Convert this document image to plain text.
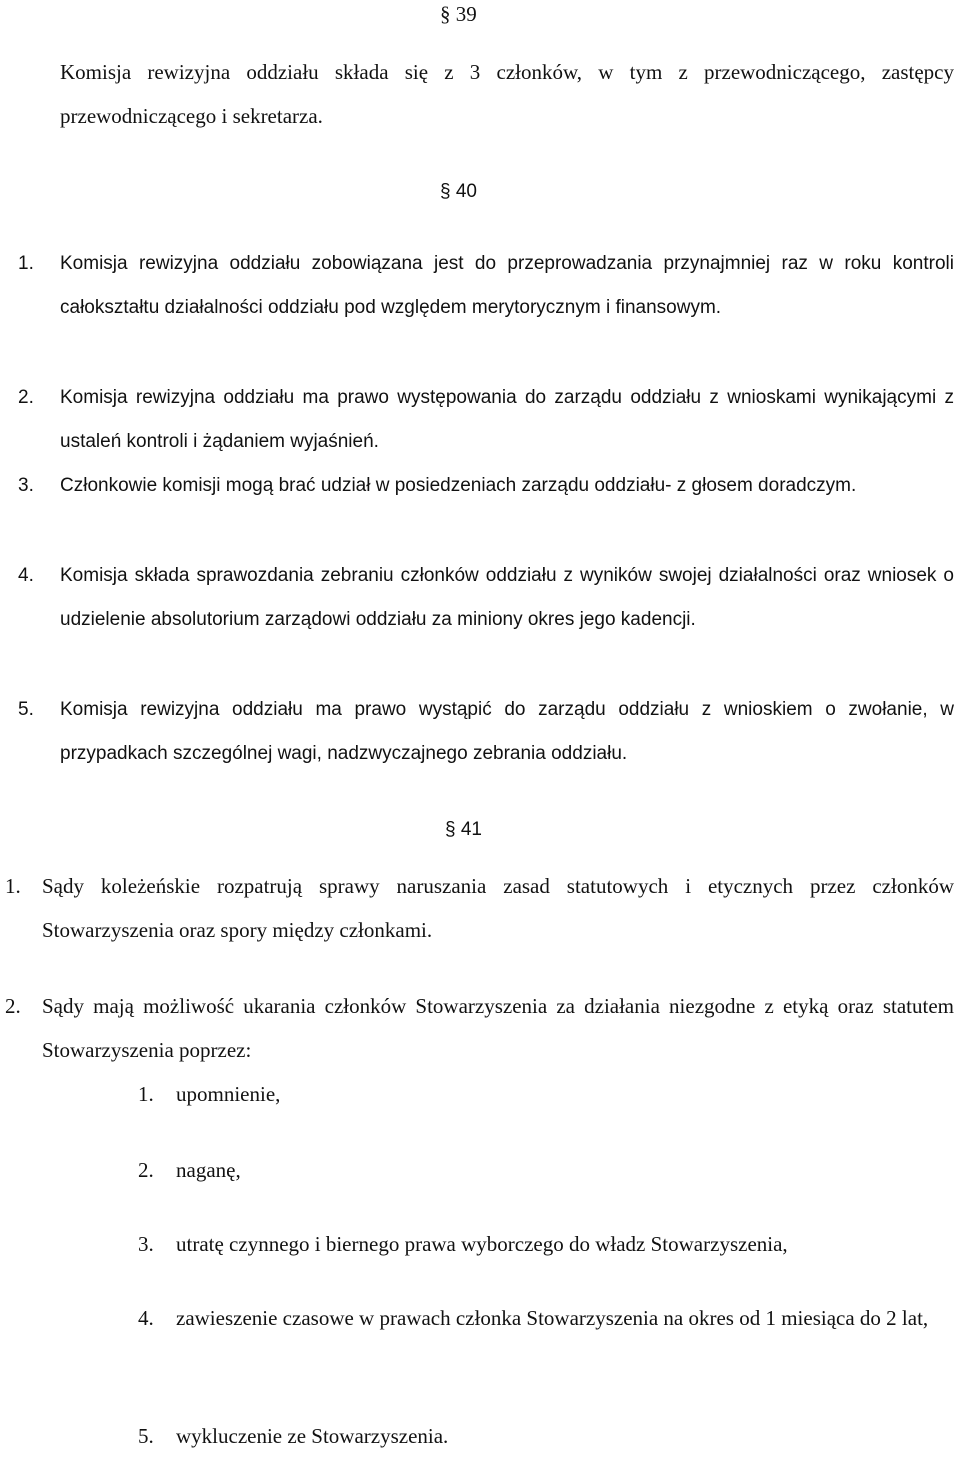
§ 39
Komisja rewizyjna oddziału składa się z 3 członków, w tym z przewodniczącego, zastępcy przewodniczącego i sekretarza.
§ 40
1. Komisja rewizyjna oddziału zobowiązana jest do przeprowadzania przynajmniej raz w roku kontroli całokształtu działalności oddziału pod względem merytorycznym i finansowym.
2. Komisja rewizyjna oddziału ma prawo występowania do zarządu oddziału z wnioskami wynikającymi z ustaleń kontroli i żądaniem wyjaśnień.
3. Członkowie komisji mogą brać udział w posiedzeniach zarządu oddziału- z głosem doradczym.
4. Komisja składa sprawozdania zebraniu członków oddziału z wyników swojej działalności oraz wniosek o udzielenie absolutorium zarządowi oddziału za miniony okres jego kadencji.
5. Komisja rewizyjna oddziału ma prawo wystąpić do zarządu oddziału z wnioskiem o zwołanie, w przypadkach szczególnej wagi, nadzwyczajnego zebrania oddziału.
§ 41
1. Sądy koleżeńskie rozpatrują sprawy naruszania zasad statutowych i etycznych przez członków Stowarzyszenia oraz spory między członkami.
2. Sądy mają możliwość ukarania członków Stowarzyszenia za działania niezgodne z etyką oraz statutem Stowarzyszenia poprzez:
1. upomnienie,
2. naganę,
3. utratę czynnego i biernego prawa wyborczego do władz Stowarzyszenia,
4. zawieszenie czasowe w prawach członka Stowarzyszenia na okres od 1 miesiąca do 2 lat,
5. wykluczenie ze Stowarzyszenia.
